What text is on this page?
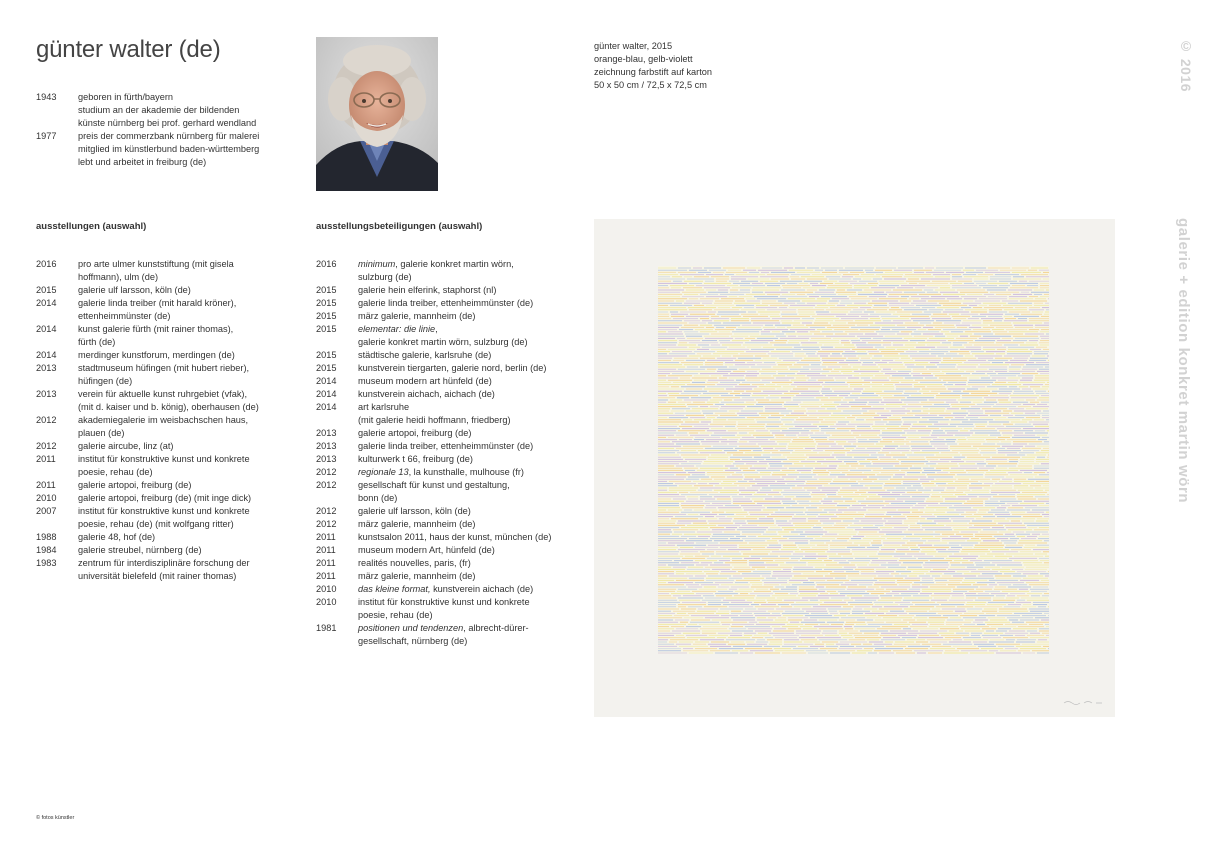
günter walter (de)
1943	geboren in fürth/bayern
studium an der akademie der bildenden
künste nürnberg bei prof. gerhard wendland
1977	preis der commerzbank nürnberg für malerei
mitglied im künstlerbund baden-württemberg
lebt und arbeitet in freiburg (de)
günter walter, 2015
orange-blau, gelb-violett
zeichnung farbstift auf karton
50 x 50 cm / 72,5 x 72,5 cm	© 2016
galerie + edition konkret martin wörn
ausstellungen (auswahl)	ausstellungsbeteiligungen (auswahl)
2016	pro arte ulmer kunststiftung (mit gisela
hoffmann), ulm (de)
2015	galerie ulf larsson, köln (de)
2014	galerie linda treiber (mit harald kröner),
ettenheimmünster (de)
2014	kunst galerie fürth (mit rainer thomas),
fürth (de)
2014	merdinger kunstforum, merdingen (de)
2013	stadtmuseum hüfingen (mit hubert rieber),
hüfingen (de)
2013	verein für aktuelle kunst ruhrgebiet (vfak),
(mit d. kaiser und b. könig), oberhausen (de)
2012	akademiegalerie im weisbachschen haus,
plauen (de)
2012	galerie aircube, linz (at)
2011	institut für konstruktive kunst und konkrete
poesie, rehau (de)
2011	galerie artopoi, freiburg (de)
2010	galerie artopoi, freiburg (de) (mit inge dick)
2007	institut für konstruktive kunst und konkrete
poesie, rehau (de) (mit wolfgang ritter)
1988	galerie 48, hof (de)
1984	galerie streubel, nürnberg (de)
1983	zentrum für interdisziplinäre forschung der
universität bielefeld (mit rainer thomas)
2016	minimum, galerie konkret martin wörn,
sulzburg (de)
2015	galerie hein elferink, staphorst (nl)
2015	galerie linda treiber, ettenheimmünster (de)
2015	märz galerie, mannheim (de)
2015	elementar: die linie,
galerie konkret martin wörn, sulzburg (de)
2015	städtische galerie, karlsruhe (de)
2015	kunstverein tiergarten, galerie nord, berlin (de)
2014	museum modern art hünfeld (de)
2014	kunstverein aichach, aichach (de)
2014	art karlsruhe
(mit galerie heidi hoffmann, friedberg)
2013	galerie artopoi, freiburg (de)
2013	galerie linda treiber, ettenheimmünster (de)
2013	kulturwerk t 66, freiburg (de)
2012	regionale 13, la kunsthalle, mulhouse (fr)
2012	gesellschaft für kunst und gestaltung,
bonn (de)
2012	galerie ulf larsson, köln (de)
2012	märz galerie, mannheim (de)
2011	kunstsalon 2011, haus der kunst, münchen (de)
2011	museum modern Art, hünfeld (de)
2011	realités nouvelles, paris, (fr)
2011	märz galerie, mannheim (de)
2010	das kleine format, kunstverein aichach (de)
2010	institut für konstruktive kunst und konkrete
poesie, rehau (de)
1981	positionen und tendenzen, albrecht-dürer-
gesellschaft, nürnberg (de)
© fotos künstler
